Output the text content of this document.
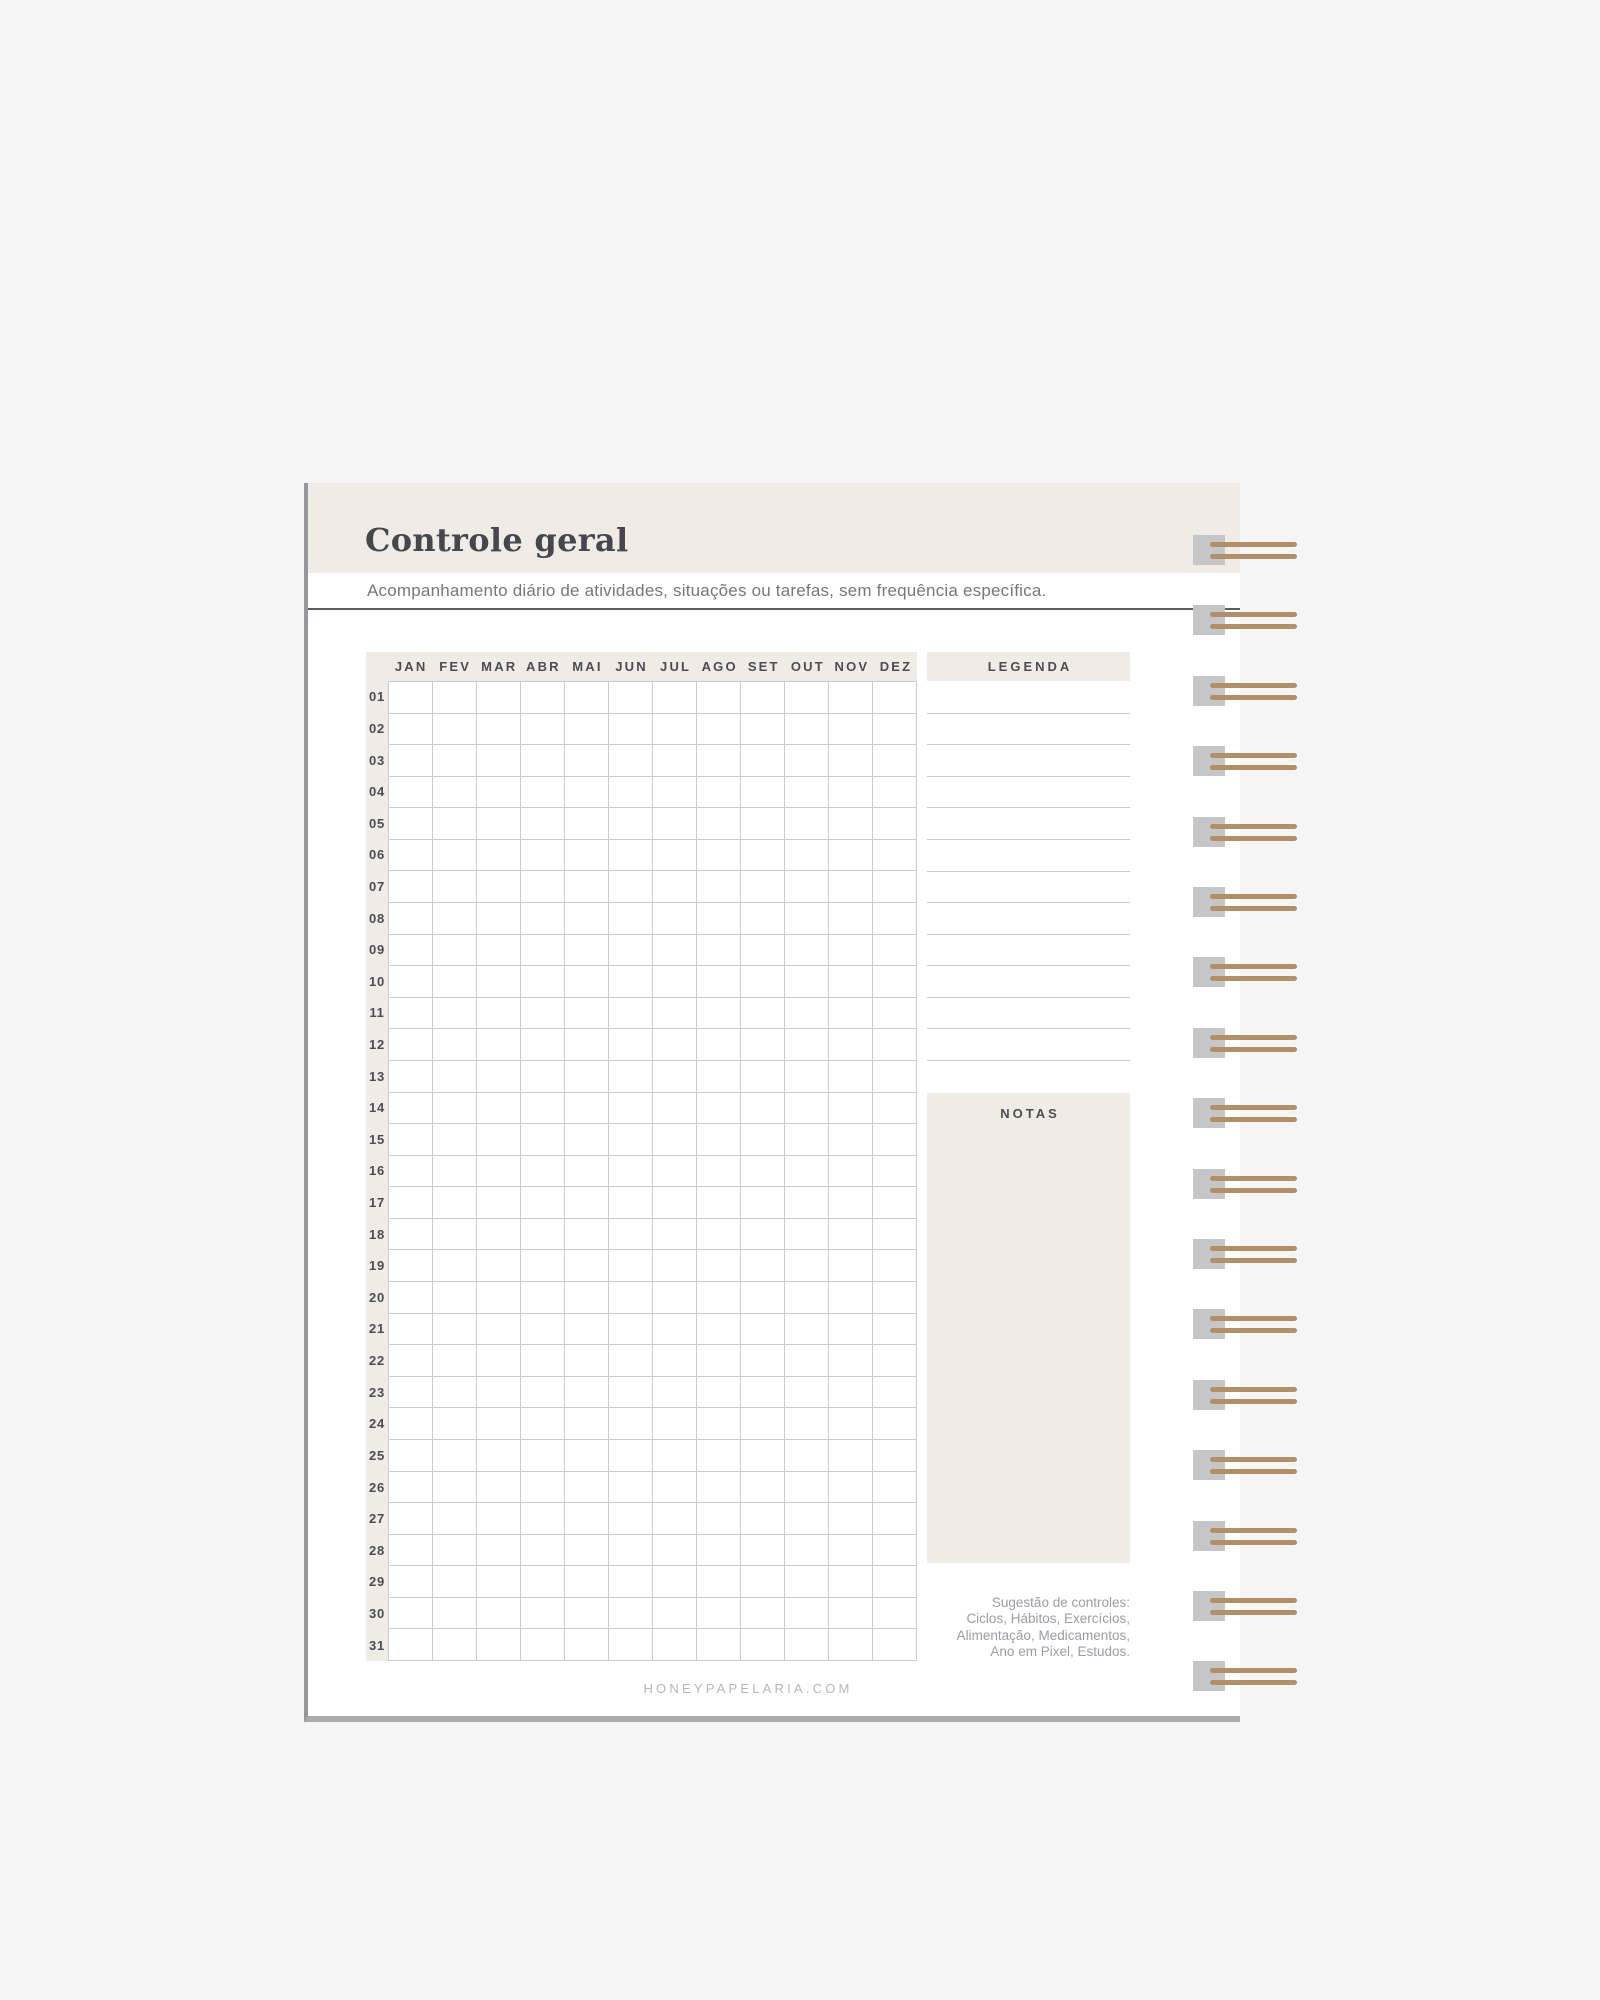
Controle geral
Acompanhamento diário de atividades, situações ou tarefas, sem frequência específica.
JAN FEV MAR ABR MAI JUN JUL AGO SET OUT NOV DEZ
01
02
03
04
05
06
07
08
09
10
11
12
13
14
15
16
17
18
19
20
21
22
23
24
25
26
27
28
29
30
31
LEGENDA
NOTAS
Sugestão de controles:
Ciclos, Hábitos, Exercícios,
Alimentação, Medicamentos,
Ano em Pixel, Estudos.
HONEYPAPELARIA.COM
